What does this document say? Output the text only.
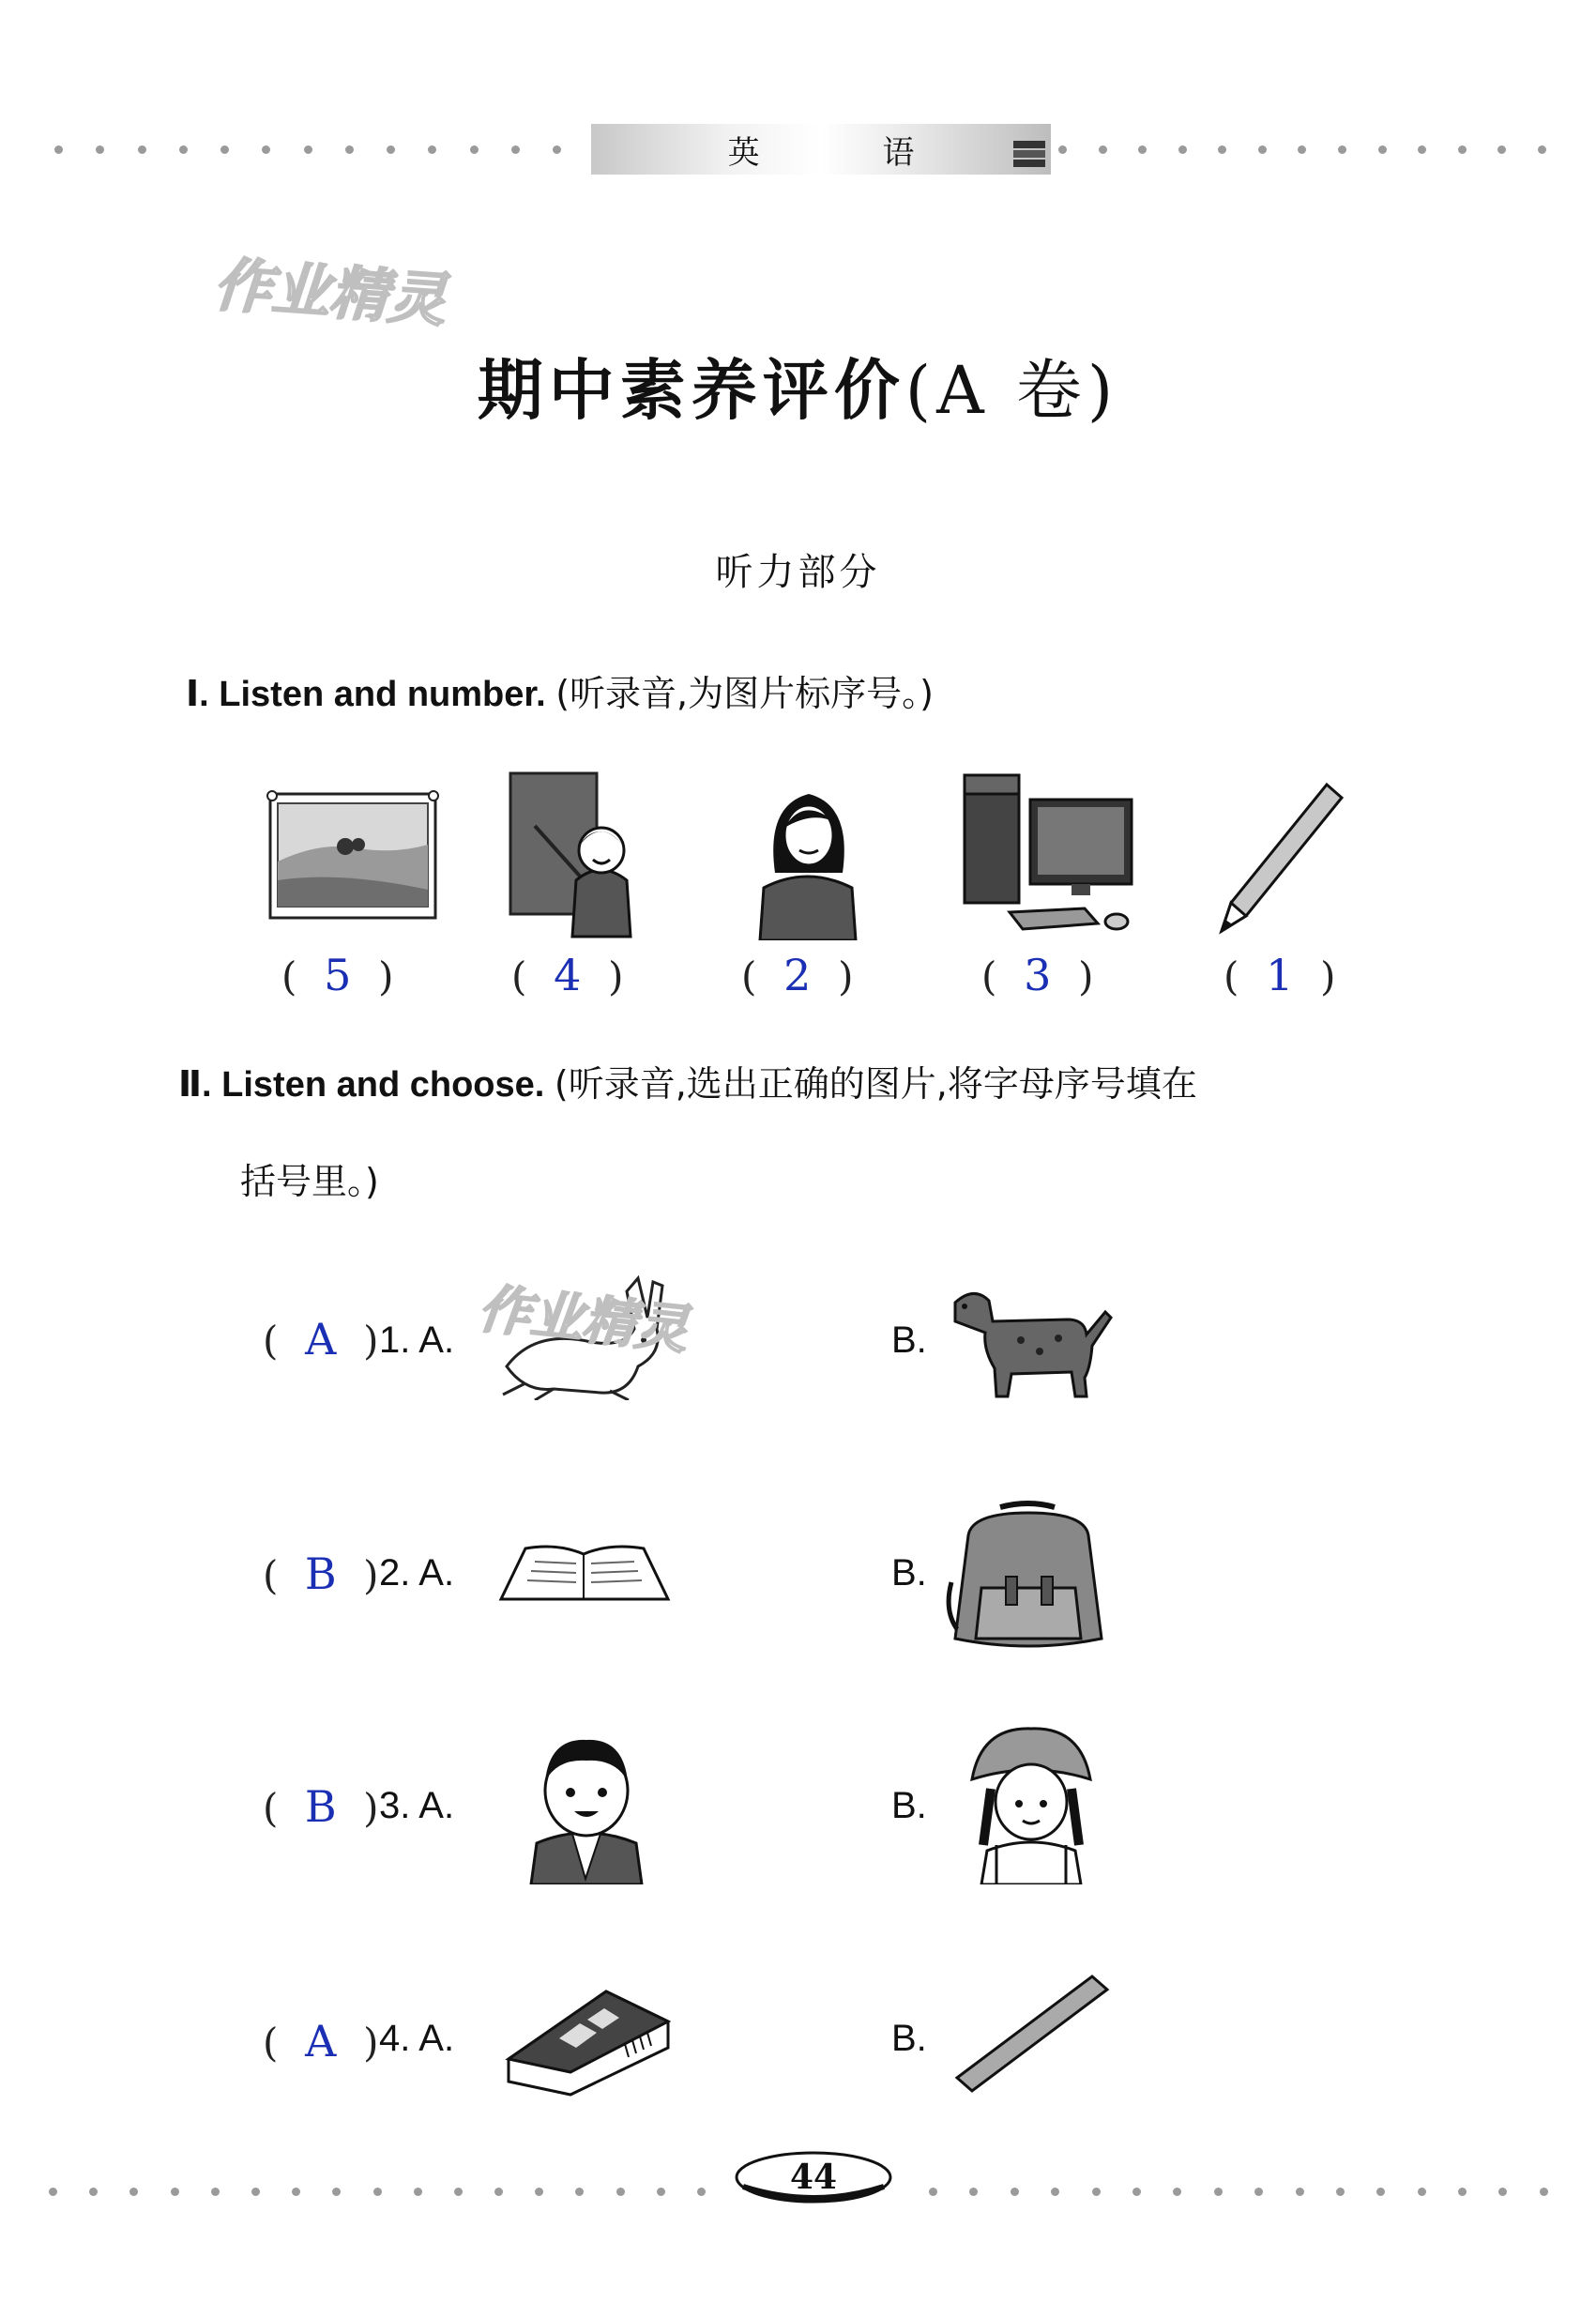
英 语
作业精灵
期中素养评价(A 卷)
听力部分
Ⅰ. Listen and number. (听录音,为图片标序号。)
( 5 )	( 4 )	( 2 )	( 3 )	( 1 )
Ⅱ. Listen and choose. (听录音,选出正确的图片,将字母序号填在
括号里。)
( A ) 1. A. 作业精灵	B.
( B ) 2. A.	B.
( B ) 3. A.	B.
( A ) 4. A.	B.
44
